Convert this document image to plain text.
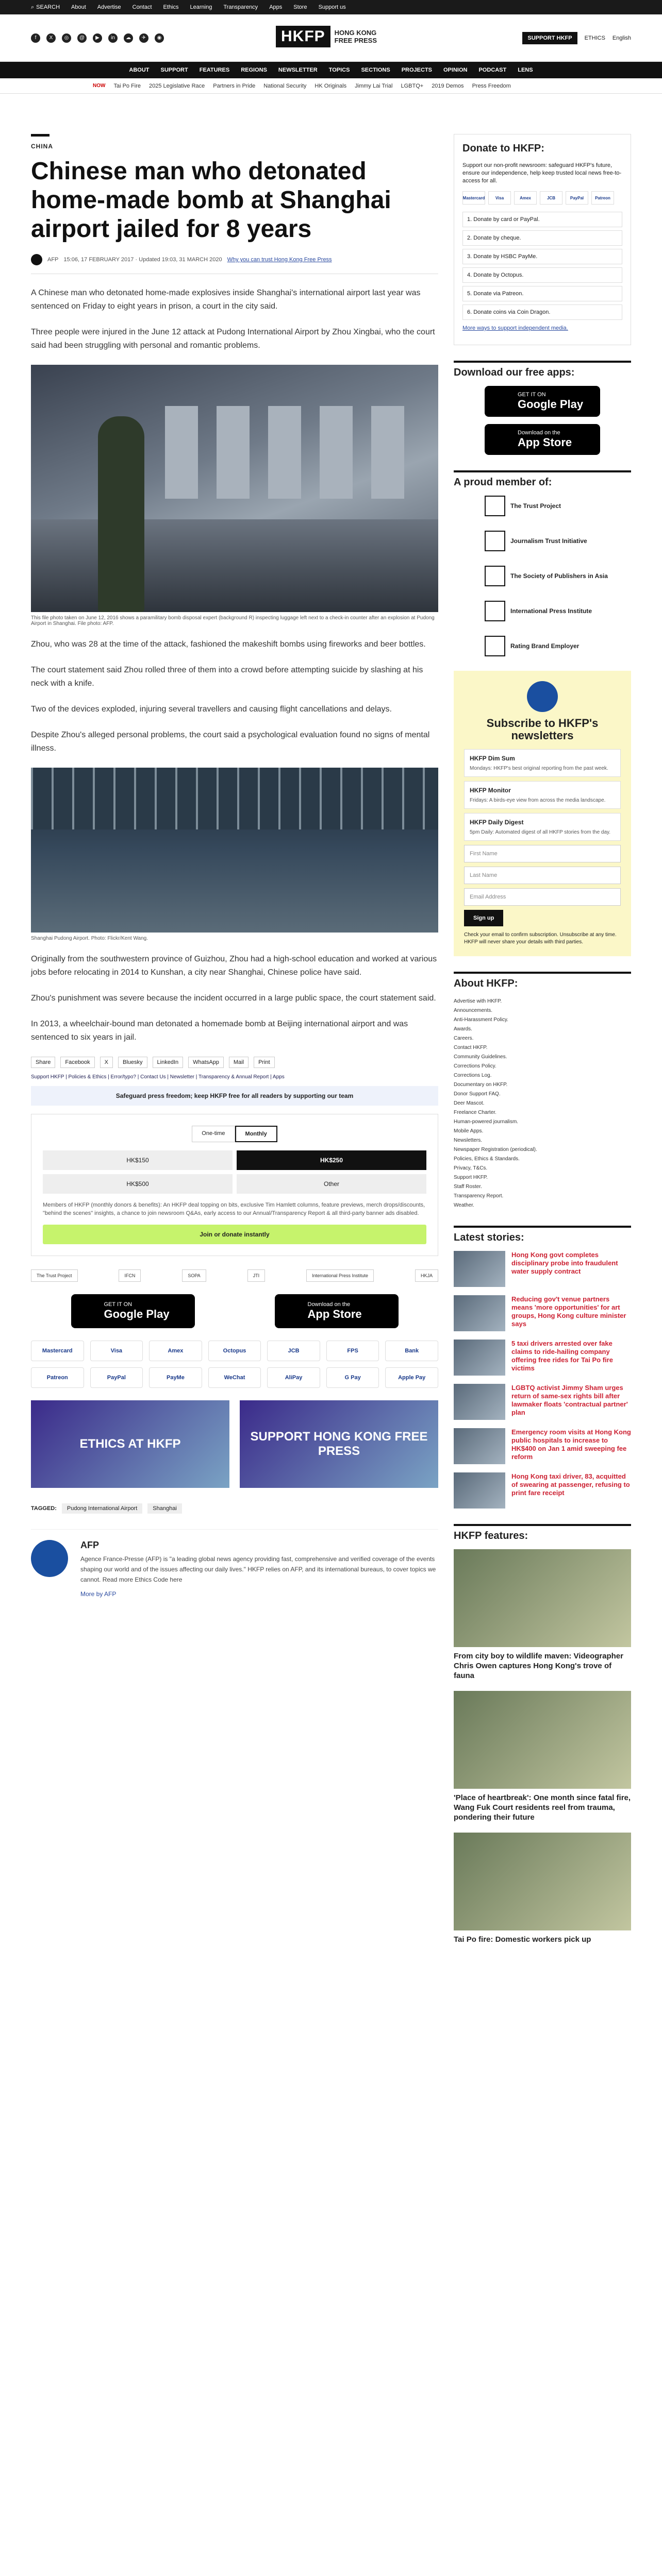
⌕ SEARCH About Advertise Contact Ethics Learning Transparency Apps Store Support us
f	X	◎	@	▶	in	☁	✈	◉	HKFP	HONG KONG
FREE PRESS	SUPPORT HKFP	ETHICS English
ABOUT SUPPORT FEATURES REGIONS NEWSLETTER TOPICS SECTIONS PROJECTS OPINION PODCAST LENS
NOW Tai Po Fire 2025 Legislative Race Partners in Pride National Security HK Originals Jimmy Lai Trial LGBTQ+ 2019 Demos Press Freedom
CHINA
Chinese man who detonated home-made bomb at Shanghai airport jailed for 8 years
AFP 15:06, 17 FEBRUARY 2017 · Updated 19:03, 31 MARCH 2020 Why you can trust Hong Kong Free Press

A Chinese man who detonated home-made explosives inside Shanghai's international airport last year was sentenced on Friday to eight years in prison, a court in the city said.

Three people were injured in the June 12 attack at Pudong International Airport by Zhou Xingbai, who the court said had been struggling with personal and romantic problems.

This file photo taken on June 12, 2016 shows a paramilitary bomb disposal expert (background R) inspecting luggage left next to a check-in counter after an explosion at Pudong Airport in Shanghai. File photo: AFP.

Zhou, who was 28 at the time of the attack, fashioned the makeshift bombs using fireworks and beer bottles.

The court statement said Zhou rolled three of them into a crowd before attempting suicide by slashing at his neck with a knife.

Two of the devices exploded, injuring several travellers and causing flight cancellations and delays.

Despite Zhou's alleged personal problems, the court said a psychological evaluation found no signs of mental illness.

Shanghai Pudong Airport. Photo: Flickr/Kent Wang.

Originally from the southwestern province of Guizhou, Zhou had a high-school education and worked at various jobs before relocating in 2014 to Kunshan, a city near Shanghai, Chinese police have said.

Zhou's punishment was severe because the incident occurred in a large public space, the court statement said.

In 2013, a wheelchair-bound man detonated a homemade bomb at Beijing international airport and was sentenced to six years in jail.

Share	Facebook	X	Bluesky	LinkedIn	WhatsApp	Mail	Print
Support HKFP | Policies & Ethics | Error/typo? | Contact Us | Newsletter | Transparency & Annual Report | Apps
Safeguard press freedom; keep HKFP free for all readers by supporting our team
One-time	Monthly
HK$150	HK$250
HK$500	Other
Members of HKFP (monthly donors & benefits): An HKFP deal topping on bits, exclusive Tim Hamlett columns, feature previews, merch drops/discounts, "behind the scenes" insights, a chance to join newsroom Q&As, early access to our Annual/Transparency Report & all third-party banner ads disabled.
Join or donate instantly
The Trust Project	IFCN	SOPA	JTI	International Press Institute	HKJA
GET IT ON
Google Play
Download on the
App Store
Mastercard	Visa	Amex	Octopus	JCB	FPS	Bank
Patreon	PayPal	PayMe	WeChat	AliPay	G Pay	Apple Pay
ETHICS AT HKFP
SUPPORT HONG KONG FREE PRESS
TAGGED:	Pudong International Airport	Shanghai
AFP

Agence France-Presse (AFP) is "a leading global news agency providing fast, comprehensive and verified coverage of the events shaping our world and of the issues affecting our daily lives." HKFP relies on AFP, and its international bureaus, to cover topics we cannot. Read more Ethics Code here

More by AFP

Donate to HKFP:

Support our non-profit newsroom: safeguard HKFP's future, ensure our independence, help keep trusted local news free-to-access for all.

Mastercard	Visa	Amex	JCB	PayPal	Patreon
1. Donate by card or PayPal.
2. Donate by cheque.
3. Donate by HSBC PayMe.
4. Donate by Octopus.
5. Donate via Patreon.
6. Donate coins via Coin Dragon.
More ways to support independent media.
Download our free apps:
GET IT ON
Google Play
Download on the
App Store
A proud member of:
The Trust Project
Journalism Trust Initiative
The Society of Publishers in Asia
International Press Institute
Rating Brand Employer
Subscribe to HKFP's newsletters
HKFP Dim Sum
Mondays: HKFP's best original reporting from the past week.
HKFP Monitor
Fridays: A birds-eye view from across the media landscape.
HKFP Daily Digest
5pm Daily: Automated digest of all HKFP stories from the day.
First Name
Last Name
Email Address
Sign up

Check your email to confirm subscription. Unsubscribe at any time. HKFP will never share your details with third parties.

About HKFP:
Advertise with HKFP.
Announcements.
Anti-Harassment Policy.
Awards.
Careers.
Contact HKFP.
Community Guidelines.
Corrections Policy.
Corrections Log.
Documentary on HKFP.
Donor Support FAQ.
Deer Mascot.
Freelance Charter.
Human-powered journalism.
Mobile Apps.
Newsletters.
Newspaper Registration (periodical).
Policies, Ethics & Standards.
Privacy, T&Cs.
Support HKFP.
Staff Roster.
Transparency Report.
Weather.
Latest stories:
Hong Kong govt completes disciplinary probe into fraudulent water supply contract
Reducing gov't venue partners means 'more opportunities' for art groups, Hong Kong culture minister says
5 taxi drivers arrested over fake claims to ride-hailing company offering free rides for Tai Po fire victims
LGBTQ activist Jimmy Sham urges return of same-sex rights bill after lawmaker floats 'contractual partner' plan
Emergency room visits at Hong Kong public hospitals to increase to HK$400 on Jan 1 amid sweeping fee reform
Hong Kong taxi driver, 83, acquitted of swearing at passenger, refusing to print fare receipt
HKFP features:
From city boy to wildlife maven: Videographer Chris Owen captures Hong Kong's trove of fauna
'Place of heartbreak': One month since fatal fire, Wang Fuk Court residents reel from trauma, pondering their future
Tai Po fire: Domestic workers pick up
